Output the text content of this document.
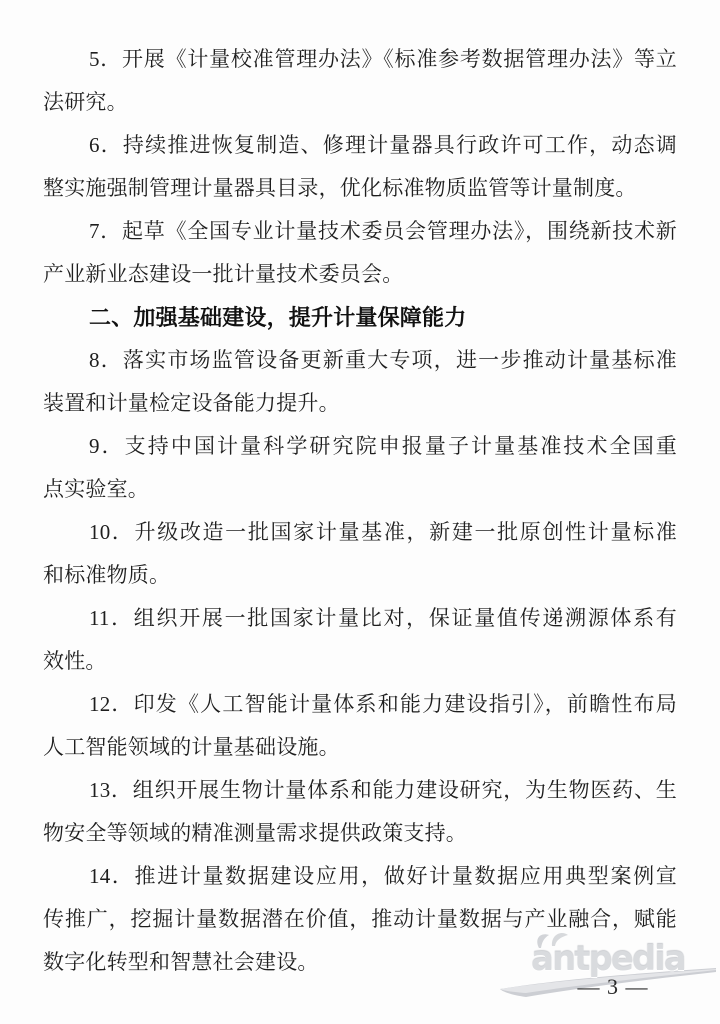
5．开展《计量校准管理办法》《标准参考数据管理办法》等立
法研究。
6．持续推进恢复制造、修理计量器具行政许可工作，动态调
整实施强制管理计量器具目录，优化标准物质监管等计量制度。
7．起草《全国专业计量技术委员会管理办法》，围绕新技术新
产业新业态建设一批计量技术委员会。
二、加强基础建设，提升计量保障能力
8．落实市场监管设备更新重大专项，进一步推动计量基标准
装置和计量检定设备能力提升。
9．支持中国计量科学研究院申报量子计量基准技术全国重
点实验室。
10．升级改造一批国家计量基准，新建一批原创性计量标准
和标准物质。
11．组织开展一批国家计量比对，保证量值传递溯源体系有
效性。
12．印发《人工智能计量体系和能力建设指引》，前瞻性布局
人工智能领域的计量基础设施。
13．组织开展生物计量体系和能力建设研究，为生物医药、生
物安全等领域的精准测量需求提供政策支持。
14．推进计量数据建设应用，做好计量数据应用典型案例宣
传推广，挖掘计量数据潜在价值，推动计量数据与产业融合，赋能
数字化转型和智慧社会建设。	antpedia
— 3 —
